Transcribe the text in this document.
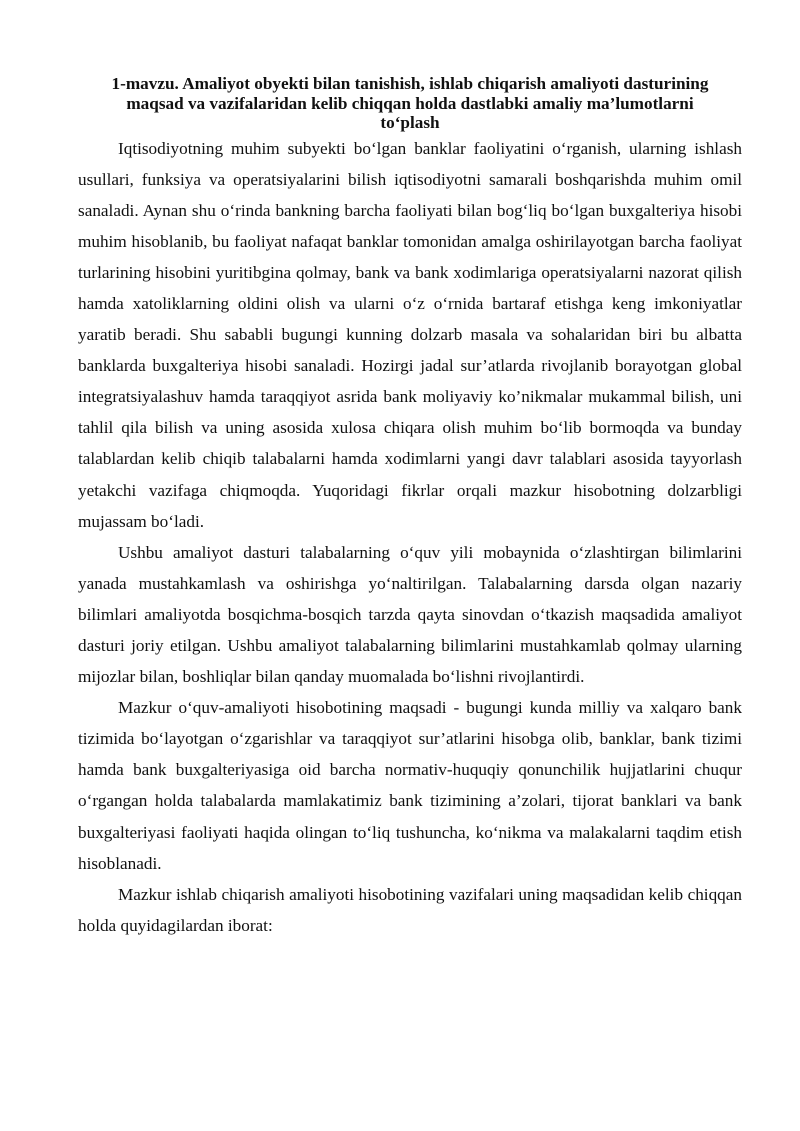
1-mavzu. Amaliyot obyekti bilan tanishish, ishlab chiqarish amaliyoti dasturining
maqsad va vazifalaridan kelib chiqqan holda dastlabki amaliy ma’lumotlarni
to‘plash

Iqtisodiyotning muhim subyekti bo‘lgan banklar faoliyatini o‘rganish, ularning ishlash usullari, funksiya va operatsiyalarini bilish iqtisodiyotni samarali boshqarishda muhim omil sanaladi. Aynan shu o‘rinda bankning barcha faoliyati bilan bog‘liq bo‘lgan buxgalteriya hisobi muhim hisoblanib, bu faoliyat nafaqat banklar tomonidan amalga oshirilayotgan barcha faoliyat turlarining hisobini yuritibgina qolmay, bank va bank xodimlariga operatsiyalarni nazorat qilish hamda xatoliklarning oldini olish va ularni o‘z o‘rnida bartaraf etishga keng imkoniyatlar yaratib beradi. Shu sababli bugungi kunning dolzarb masala va sohalaridan biri bu albatta banklarda buxgalteriya hisobi sanaladi. Hozirgi jadal sur’atlarda rivojlanib borayotgan global integratsiyalashuv hamda taraqqiyot asrida bank moliyaviy ko’nikmalar mukammal bilish, uni tahlil qila bilish va uning asosida xulosa chiqara olish muhim bo‘lib bormoqda va bunday talablardan kelib chiqib talabalarni hamda xodimlarni yangi davr talablari asosida tayyorlash yetakchi vazifaga chiqmoqda. Yuqoridagi fikrlar orqali mazkur hisobotning dolzarbligi mujassam bo‘ladi.

Ushbu amaliyot dasturi talabalarning o‘quv yili mobaynida o‘zlashtirgan bilimlarini yanada mustahkamlash va oshirishga yo‘naltirilgan. Talabalarning darsda olgan nazariy bilimlari amaliyotda bosqichma-bosqich tarzda qayta sinovdan o‘tkazish maqsadida amaliyot dasturi joriy etilgan. Ushbu amaliyot talabalarning bilimlarini mustahkamlab qolmay ularning mijozlar bilan, boshliqlar bilan qanday muomalada bo‘lishni rivojlantirdi.

Mazkur o‘quv-amaliyoti hisobotining maqsadi - bugungi kunda milliy va xalqaro bank tizimida bo‘layotgan o‘zgarishlar va taraqqiyot sur’atlarini hisobga olib, banklar, bank tizimi hamda bank buxgalteriyasiga oid barcha normativ-huquqiy qonunchilik hujjatlarini chuqur o‘rgangan holda talabalarda mamlakatimiz bank tizimining a’zolari, tijorat banklari va bank buxgalteriyasi faoliyati haqida olingan to‘liq tushuncha, ko‘nikma va malakalarni taqdim etish hisoblanadi.

Mazkur ishlab chiqarish amaliyoti hisobotining vazifalari uning maqsadidan kelib chiqqan holda quyidagilardan iborat:
